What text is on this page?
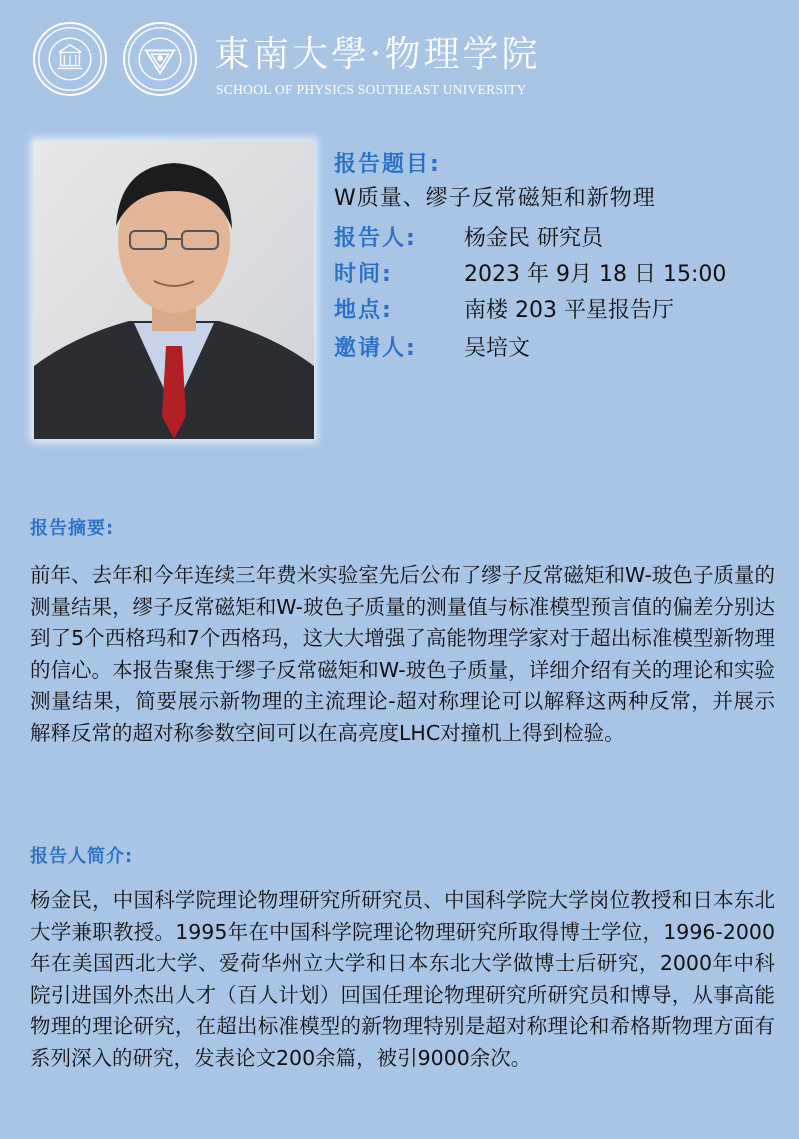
東南大學·物理学院
SCHOOL OF PHYSICS SOUTHEAST UNIVERSITY
报告题目:
W质量、缪子反常磁矩和新物理
报告人: 杨金民 研究员
时间:	2023 年 9月 18 日 15:00
地点:	南楼 203 平星报告厅
邀请人: 吴培文
报告摘要:
前年、去年和今年连续三年费米实验室先后公布了缪子反常磁矩和W-玻色子质量的测量结果，缪子反常磁矩和W-玻色子质量的测量值与标准模型预言值的偏差分别达到了5个西格玛和7个西格玛，这大大增强了高能物理学家对于超出标准模型新物理的信心。本报告聚焦于缪子反常磁矩和W-玻色子质量，详细介绍有关的理论和实验测量结果，简要展示新物理的主流理论-超对称理论可以解释这两种反常，并展示解释反常的超对称参数空间可以在高亮度LHC对撞机上得到检验。
报告人简介:
杨金民，中国科学院理论物理研究所研究员、中国科学院大学岗位教授和日本东北大学兼职教授。1995年在中国科学院理论物理研究所取得博士学位，1996-2000年在美国西北大学、爱荷华州立大学和日本东北大学做博士后研究，2000年中科院引进国外杰出人才（百人计划）回国任理论物理研究所研究员和博导，从事高能物理的理论研究，在超出标准模型的新物理特别是超对称理论和希格斯物理方面有系列深入的研究，发表论文200余篇，被引9000余次。
